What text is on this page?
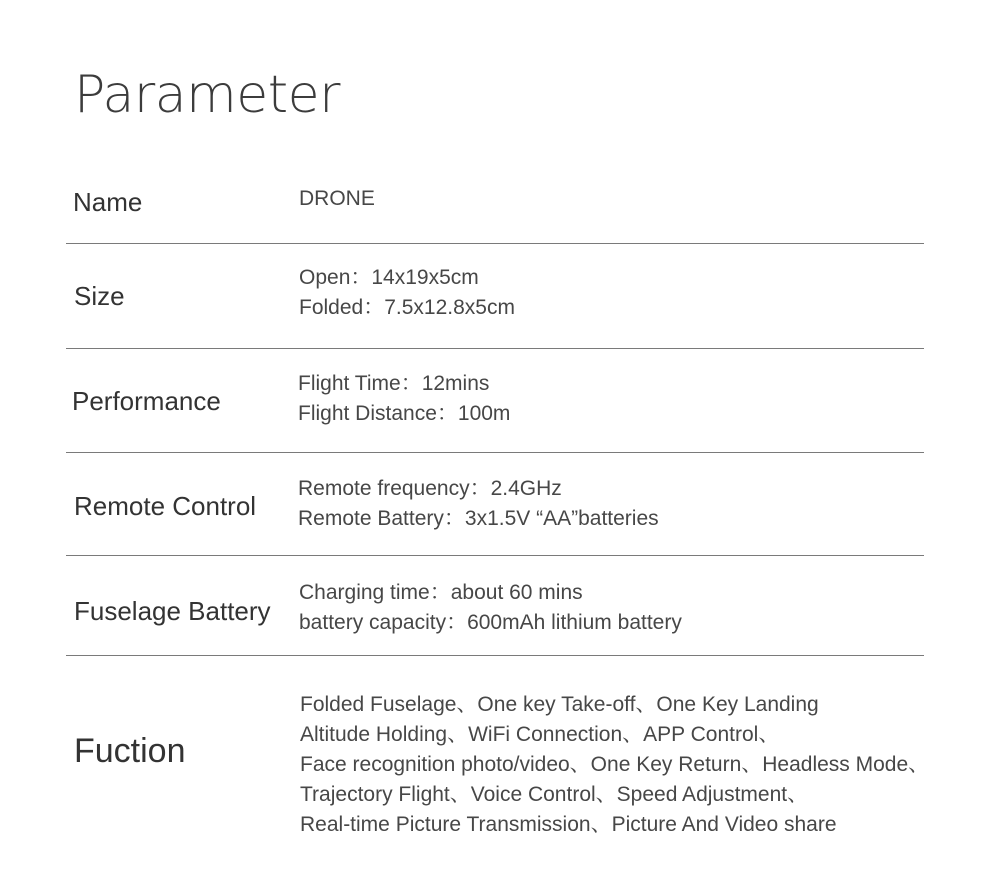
Parameter
Name	DRONE
Size
Open：14x19x5cm
Folded：7.5x12.8x5cm
Performance
Flight Time：12mins
Flight Distance：100m
Remote Control
Remote frequency：2.4GHz
Remote Battery：3x1.5V “AA”batteries
Fuselage Battery
Charging time：about 60 mins
battery capacity：600mAh lithium battery
Fuction
Folded Fuselage、One key Take-off、One Key Landing
Altitude Holding、WiFi Connection、APP Control、
Face recognition photo/video、One Key Return、Headless Mode、
Trajectory Flight、Voice Control、Speed Adjustment、
Real-time Picture Transmission、Picture And Video share
